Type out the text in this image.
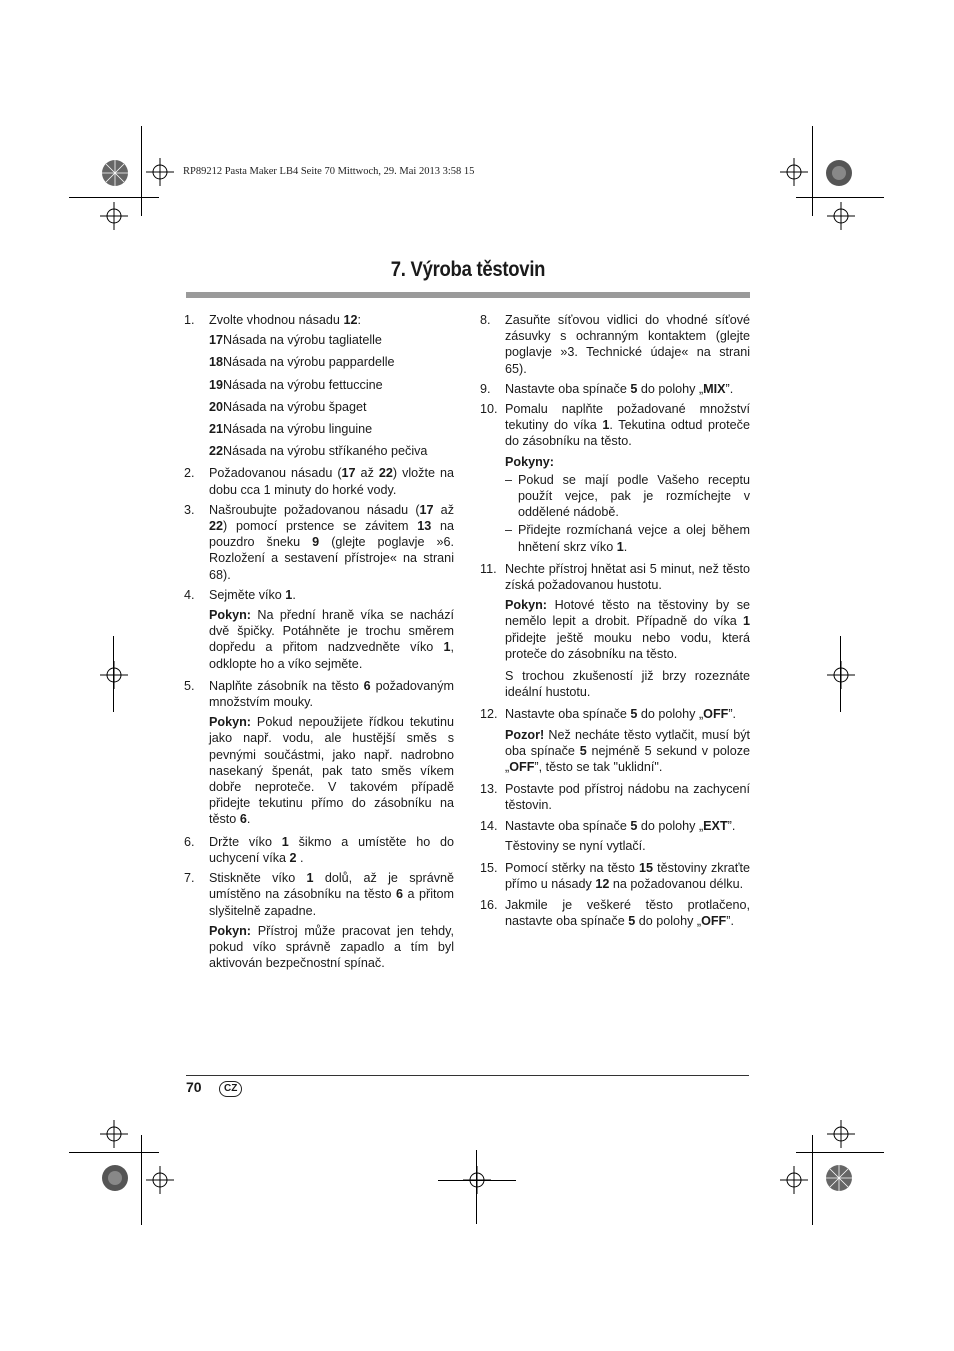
RP89212 Pasta Maker LB4 Seite 70 Mittwoch, 29. Mai 2013 3:58 15
7. Výroba těstovin
1. Zvolte vhodnou násadu 12:
17Násada na výrobu tagliatelle
18Násada na výrobu pappardelle
19Násada na výrobu fettuccine
20Násada na výrobu špaget
21Násada na výrobu linguine
22Násada na výrobu stříkaného pečiva
2. Požadovanou násadu (17 až 22) vložte na dobu cca 1 minuty do horké vody.
3. Našroubujte požadovanou násadu (17 až 22) pomocí prstence se závitem 13 na pouzdro šneku 9 (glejte poglavje »6. Rozložení a sestavení přístroje« na strani 68).
4. Sejměte víko 1.
Pokyn: Na přední hraně víka se nachází dvě špičky. Potáhněte je trochu směrem dopředu a přitom nadzvedněte víko 1, odklopte ho a víko sejměte.
5. Naplňte zásobník na těsto 6 požadovaným množstvím mouky.
Pokyn: Pokud nepoužijete řídkou tekutinu jako např. vodu, ale hustější směs s pevnými součástmi, jako např. nadrobno nasekaný špenát, pak tato směs víkem dobře neproteče. V takovém případě přidejte tekutinu přímo do zásobníku na těsto 6.
6. Držte víko 1 šikmo a umístěte ho do uchycení víka 2 .
7. Stiskněte víko 1 dolů, až je správně umístěno na zásobníku na těsto 6 a přitom slyšitelně zapadne.
Pokyn: Přístroj může pracovat jen tehdy, pokud víko správně zapadlo a tím byl aktivován bezpečnostní spínač.
8. Zasuňte síťovou vidlici do vhodné síťové zásuvky s ochranným kontaktem (glejte poglavje »3. Technické údaje« na strani 65).
9. Nastavte oba spínače 5 do polohy „MIX”.
10. Pomalu naplňte požadované množství tekutiny do víka 1. Tekutina odtud proteče do zásobníku na těsto.
Pokyny:
– Pokud se mají podle Vašeho receptu použít vejce, pak je rozmíchejte v oddělené nádobě.
– Přidejte rozmíchaná vejce a olej během hnětení skrz víko 1.
11. Nechte přístroj hnětat asi 5 minut, než těsto získá požadovanou hustotu.
Pokyn: Hotové těsto na těstoviny by se nemělo lepit a drobit. Případně do víka 1 přidejte ještě mouku nebo vodu, která proteče do zásobníku na těsto.
S trochou zkušeností již brzy rozeznáte ideální hustotu.
12. Nastavte oba spínače 5 do polohy „OFF”.
Pozor! Než necháte těsto vytlačit, musí být oba spínače 5 nejméně 5 sekund v poloze „OFF”, těsto se tak "uklidní".
13. Postavte pod přístroj nádobu na zachycení těstovin.
14. Nastavte oba spínače 5 do polohy „EXT”.
Těstoviny se nyní vytlačí.
15. Pomocí stěrky na těsto 15 těstoviny zkraťte přímo u násady 12 na požadovanou délku.
16. Jakmile je veškeré těsto protlačeno, nastavte oba spínače 5 do polohy „OFF”.
70	CZ
